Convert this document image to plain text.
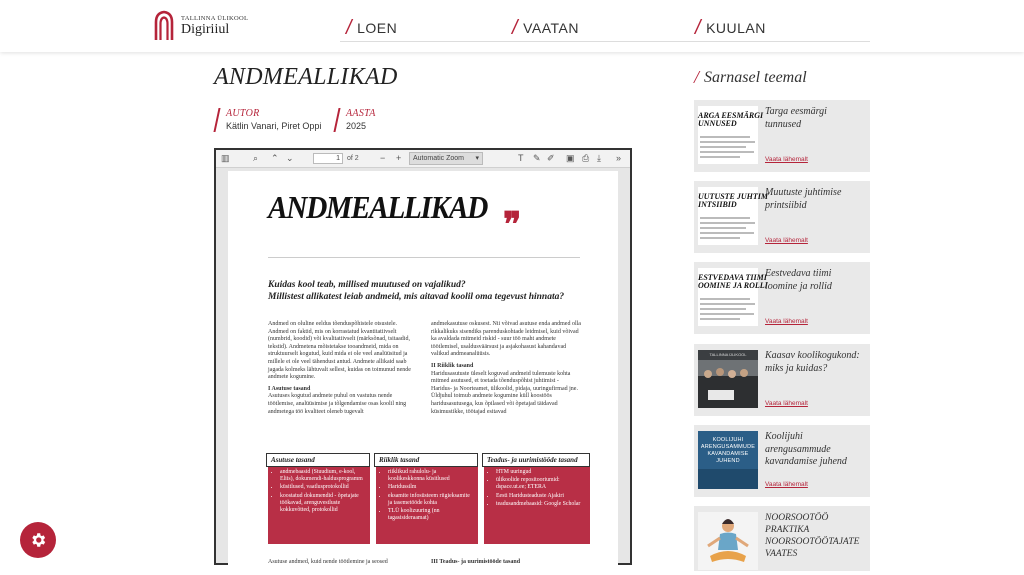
TALLINNA ÜLIKOOL
Digiriiul	/ LOEN	/ VAATAN	/ KUULAN
ANDMEALLIKAD
AUTOR
Kätlin Vanari, Piret Oppi
AASTA
2025
▥	⌕ ⌃ ⌄	1	of 2 − +	Automatic Zoom ▾	T ✎ ✐ ▣ ⎙ ⤓ »
ANDMEALLIKAD ❞
Kuidas kool teab, millised muutused on vajalikud?
Millistest allikatest leiab andmeid, mis aitavad koolil oma tegevust hinnata?
Andmed on oluline eeldus tõenduspõhistele otsustele. Andmed on faktid, mis on korrastatud kvantitatiivselt (numbrid, koodid) või kvalitatiivselt (märksõnad, tsitaadid, tekstid). Andmetena mõistetakse tooandmeid, mida on struktuurselt kogutud, kuid mida ei ole veel analüüsitud ja millele ei ole veel tähendust antud. Andmete allikaid saab jagada kolmeks lähtuvalt sellest, kuidas on toimunud nende andmete kogumine.
I Asutuse tasand
Asutuses kogutud andmete puhul on vastutus nende töötlemise, analüüsimise ja tõlgendamise osas koolil ning andmetega töö kvaliteet oleneb tugevalt
andmekasutuse oskusest. Nii võivad asutuse enda andmed olla rikkalikuks sisendiks parenduskohtade leidmisel, kuid võivad ka avaldada mitmeid riskid - suur töö maht andmete töötlemisel, usaldusväärsust ja asjakohasust kahandavad valikud andmeanalüüsis.
II Riiklik tasand
Haridusasutuste üleselt koguvad andmeid tulemuste kohta mitmed asutused, et toetada tõenduspõhist juhtimist - Haridus- ja Noorteamet, ülikoolid, pidaja, uuringufirmad jne. Üldjuhul toimub andmete kogumine küll koostöös haridusasutusega, kus õpilased või õpetajad täidavad küsimustikke, töötajad esitavad
Asutuse tasand
• andmebaasid (Stuudium, e-kool, Eliis), dokumendi-haldusprogramm
• küsitlused, vaatlusprotokollid
• koostatud dokumendid - õpetajate töökavad, arenguvestluste kokkuvõtted, protokollid
Riiklik tasand
• riiklikud rahulolu- ja koolikeskkonna küsitlused
• Haridussilm
• eksamite infosüsteem riigieksamite ja tasemetööde kohta
• TLÜ koolizuuring (nn tagasisideraamat)
Teadus- ja uurimistööde tasand
• HTM uuringud
• ülikoolide repositooriumid: dspace.ut.ee; ETERA
• Eesti Haridusteaduste Ajakiri
• teadusandmebaasid: Google Scholar
Asutuse andmed, kuid nende töötlemine ja seosed	III Teadus- ja uurimistööde tasand
/ Sarnasel teemal
ARGA EESMÄRGI
UNNUSED
Targa eesmärgi tunnused
Vaata lähemalt
UUTUSTE JUHTIM
INTSIIBID
Muutuste juhtimise printsiibid
Vaata lähemalt
ESTVEDAVA TIIMI
OOMINE JA ROLLI
Eestvedava tiimi loomine ja rollid
Vaata lähemalt
TALLINNA ÜLIKOOL	Kaasav koolikogukond: miks ja kuidas?
Vaata lähemalt
KOOLIJUHI
ARENGUSAMMUDE
KAVANDAMISE
JUHEND
Koolijuhi arengusammude kavandamise juhend
Vaata lähemalt
NOORSOOTÖÖ PRAKTIKA NOORSOOTÖÖTAJATE VAATES
